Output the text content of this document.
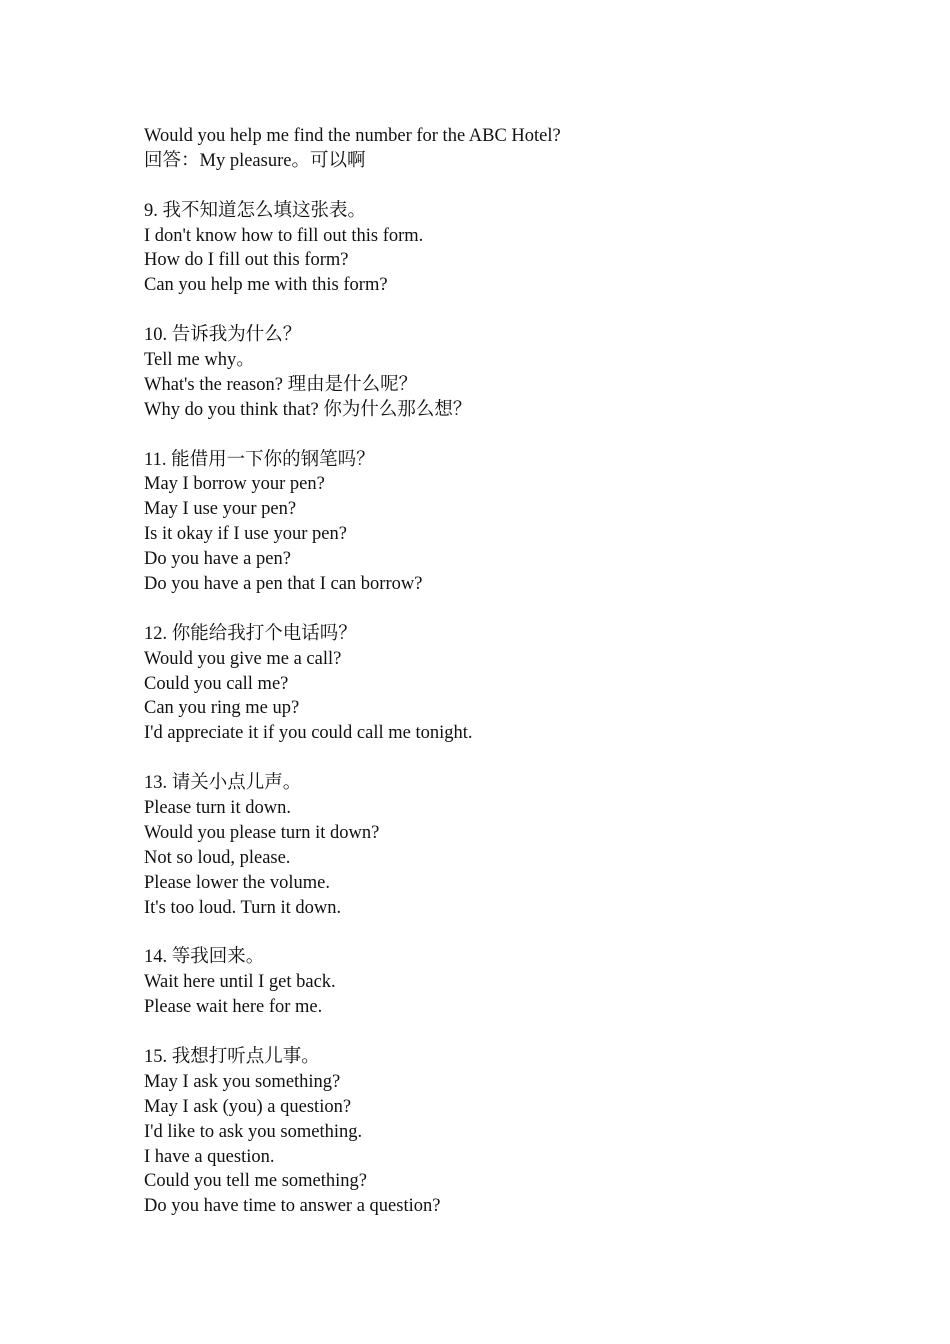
Would you help me find the number for the ABC Hotel?
回答：My pleasure。可以啊
9. 我不知道怎么填这张表。
I don't know how to fill out this form.
How do I fill out this form?
Can you help me with this form?
10. 告诉我为什么？
Tell me why。
What's the reason? 理由是什么呢？
Why do you think that? 你为什么那么想？
11. 能借用一下你的钢笔吗？
May I borrow your pen?
May I use your pen?
Is it okay if I use your pen?
Do you have a pen?
Do you have a pen that I can borrow?
12. 你能给我打个电话吗？
Would you give me a call?
Could you call me?
Can you ring me up?
I'd appreciate it if you could call me tonight.
13. 请关小点儿声。
Please turn it down.
Would you please turn it down?
Not so loud, please.
Please lower the volume.
It's too loud. Turn it down.
14. 等我回来。
Wait here until I get back.
Please wait here for me.
15. 我想打听点儿事。
May I ask you something?
May I ask (you) a question?
I'd like to ask you something.
I have a question.
Could you tell me something?
Do you have time to answer a question?
